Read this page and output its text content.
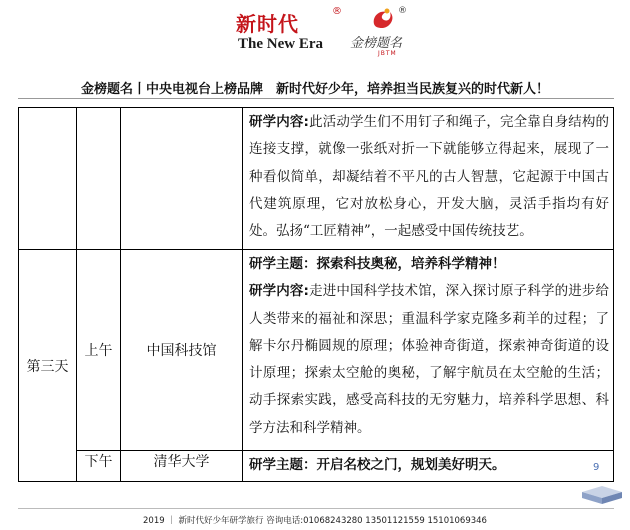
新时代
The New Era
®	®
金榜题名
JBTM
金榜题名丨中央电视台上榜品牌　新时代好少年，培养担当民族复兴的时代新人！
			研学内容:此活动学生们不用钉子和绳子，完全靠自身结构的连接支撑，就像一张纸对折一下就能够立得起来，展现了一种看似简单，却凝结着不平凡的古人智慧，它起源于中国古代建筑原理，它对放松身心，开发大脑，灵活手指均有好处。弘扬“工匠精神”，一起感受中国传统技艺。
第三天	上午	中国科技馆	研学主题：探索科技奥秘，培养科学精神！
研学内容:走进中国科学技术馆，深入探讨原子科学的进步给人类带来的福祉和深思；重温科学家克隆多莉羊的过程；了解卡尔丹椭圆规的原理；体验神奇街道，探索神奇街道的设计原理；探索太空舱的奥秘，了解宇航员在太空舱的生活；动手探索实践，感受高科技的无穷魅力，培养科学思想、科学方法和科学精神。
	下午	清华大学	研学主题：开启名校之门，规划美好明天。	9
2019 ｜ 新时代好少年研学旅行 咨询电话:01068243280 13501121559 15101069346
